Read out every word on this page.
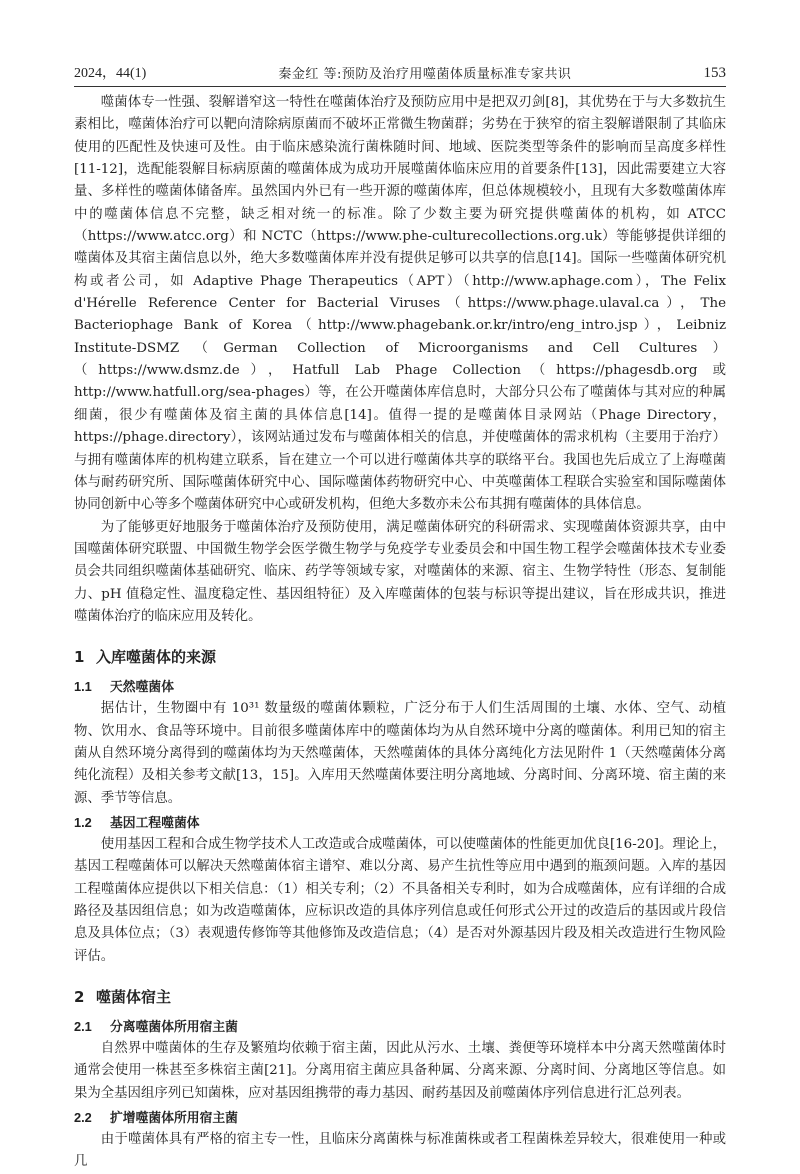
2024，44(1)	秦金红 等:预防及治疗用噬菌体质量标准专家共识	153

噬菌体专一性强、裂解谱窄这一特性在噬菌体治疗及预防应用中是把双刃剑[8]，其优势在于与大多数抗生素相比，噬菌体治疗可以靶向清除病原菌而不破坏正常微生物菌群；劣势在于狭窄的宿主裂解谱限制了其临床使用的匹配性及快速可及性。由于临床感染流行菌株随时间、地域、医院类型等条件的影响而呈高度多样性[11-12]，选配能裂解目标病原菌的噬菌体成为成功开展噬菌体临床应用的首要条件[13]，因此需要建立大容量、多样性的噬菌体储备库。虽然国内外已有一些开源的噬菌体库，但总体规模较小，且现有大多数噬菌体库中的噬菌体信息不完整，缺乏相对统一的标准。除了少数主要为研究提供噬菌体的机构，如 ATCC（https://www.atcc.org）和 NCTC（https://www.phe-culturecollections.org.uk）等能够提供详细的噬菌体及其宿主菌信息以外，绝大多数噬菌体库并没有提供足够可以共享的信息[14]。国际一些噬菌体研究机构或者公司，如 Adaptive Phage Therapeutics（APT）（http://www.aphage.com），The Felix d'Hérelle Reference Center for Bacterial Viruses（https://www.phage.ulaval.ca），The Bacteriophage Bank of Korea（http://www.phagebank.or.kr/intro/eng_intro.jsp），Leibniz Institute-DSMZ（German Collection of Microorganisms and Cell Cultures）（https://www.dsmz.de），Hatfull Lab Phage Collection（https://phagesdb.org 或 http://www.hatfull.org/sea-phages）等，在公开噬菌体库信息时，大部分只公布了噬菌体与其对应的种属细菌，很少有噬菌体及宿主菌的具体信息[14]。值得一提的是噬菌体目录网站（Phage Directory，https://phage.directory），该网站通过发布与噬菌体相关的信息，并使噬菌体的需求机构（主要用于治疗）与拥有噬菌体库的机构建立联系，旨在建立一个可以进行噬菌体共享的联络平台。我国也先后成立了上海噬菌体与耐药研究所、国际噬菌体研究中心、国际噬菌体药物研究中心、中英噬菌体工程联合实验室和国际噬菌体协同创新中心等多个噬菌体研究中心或研发机构，但绝大多数亦未公布其拥有噬菌体的具体信息。

为了能够更好地服务于噬菌体治疗及预防使用，满足噬菌体研究的科研需求、实现噬菌体资源共享，由中国噬菌体研究联盟、中国微生物学会医学微生物学与免疫学专业委员会和中国生物工程学会噬菌体技术专业委员会共同组织噬菌体基础研究、临床、药学等领域专家，对噬菌体的来源、宿主、生物学特性（形态、复制能力、pH 值稳定性、温度稳定性、基因组特征）及入库噬菌体的包装与标识等提出建议，旨在形成共识，推进噬菌体治疗的临床应用及转化。

1 入库噬菌体的来源
1.1 天然噬菌体

据估计，生物圈中有 10³¹ 数量级的噬菌体颗粒，广泛分布于人们生活周围的土壤、水体、空气、动植物、饮用水、食品等环境中。目前很多噬菌体库中的噬菌体均为从自然环境中分离的噬菌体。利用已知的宿主菌从自然环境分离得到的噬菌体均为天然噬菌体，天然噬菌体的具体分离纯化方法见附件 1（天然噬菌体分离纯化流程）及相关参考文献[13，15]。入库用天然噬菌体要注明分离地域、分离时间、分离环境、宿主菌的来源、季节等信息。

1.2 基因工程噬菌体

使用基因工程和合成生物学技术人工改造或合成噬菌体，可以使噬菌体的性能更加优良[16-20]。理论上，基因工程噬菌体可以解决天然噬菌体宿主谱窄、难以分离、易产生抗性等应用中遇到的瓶颈问题。入库的基因工程噬菌体应提供以下相关信息：（1）相关专利；（2）不具备相关专利时，如为合成噬菌体，应有详细的合成路径及基因组信息；如为改造噬菌体，应标识改造的具体序列信息或任何形式公开过的改造后的基因或片段信息及具体位点；（3）表观遗传修饰等其他修饰及改造信息；（4）是否对外源基因片段及相关改造进行生物风险评估。

2 噬菌体宿主
2.1 分离噬菌体所用宿主菌

自然界中噬菌体的生存及繁殖均依赖于宿主菌，因此从污水、土壤、粪便等环境样本中分离天然噬菌体时通常会使用一株甚至多株宿主菌[21]。分离用宿主菌应具备种属、分离来源、分离时间、分离地区等信息。如果为全基因组序列已知菌株，应对基因组携带的毒力基因、耐药基因及前噬菌体序列信息进行汇总列表。

2.2 扩增噬菌体所用宿主菌

由于噬菌体具有严格的宿主专一性，且临床分离菌株与标准菌株或者工程菌株差异较大，很难使用一种或几
